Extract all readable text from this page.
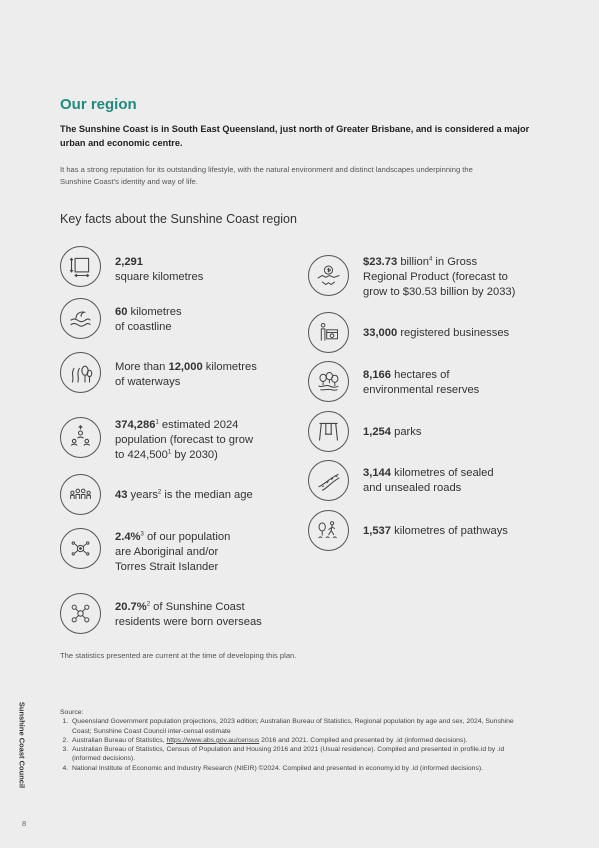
Our region
The Sunshine Coast is in South East Queensland, just north of Greater Brisbane, and is considered a major urban and economic centre.
It has a strong reputation for its outstanding lifestyle, with the natural environment and distinct landscapes underpinning the Sunshine Coast’s identity and way of life.
Key facts about the Sunshine Coast region
2,291
square kilometres
60 kilometres
of coastline
More than 12,000 kilometres
of waterways
374,286$^1$ estimated 2024
population (forecast to grow
to 424,500$^1$ by 2030)
43 years$^2$ is the median age
2.4%$^3$ of our population
are Aboriginal and/or
Torres Strait Islander
20.7%$^2$ of Sunshine Coast
residents were born overseas
$23.73 billion$^4$ in Gross
Regional Product (forecast to
grow to $30.53 billion by 2033)
33,000 registered businesses
8,166 hectares of
environmental reserves
1,254 parks
3,144 kilometres of sealed
and unsealed roads
1,537 kilometres of pathways
The statistics presented are current at the time of developing this plan.
Sunshine Coast Council	Source:
1. Queensland Government population projections, 2023 edition; Australian Bureau of Statistics, Regional population by age and sex, 2024, Sunshine Coast; Sunshine Coast Council inter-censal estimate
2. Australian Bureau of Statistics, https://www.abs.gov.au/census 2016 and 2021. Compiled and presented by .id (informed decisions).
3. Australian Bureau of Statistics, Census of Population and Housing 2016 and 2021 (Usual residence). Compiled and presented in profile.id by .id (informed decisions).
4. National Institute of Economic and Industry Research (NIEIR) ©2024. Compiled and presented in economy.id by .id (informed decisions).
8
